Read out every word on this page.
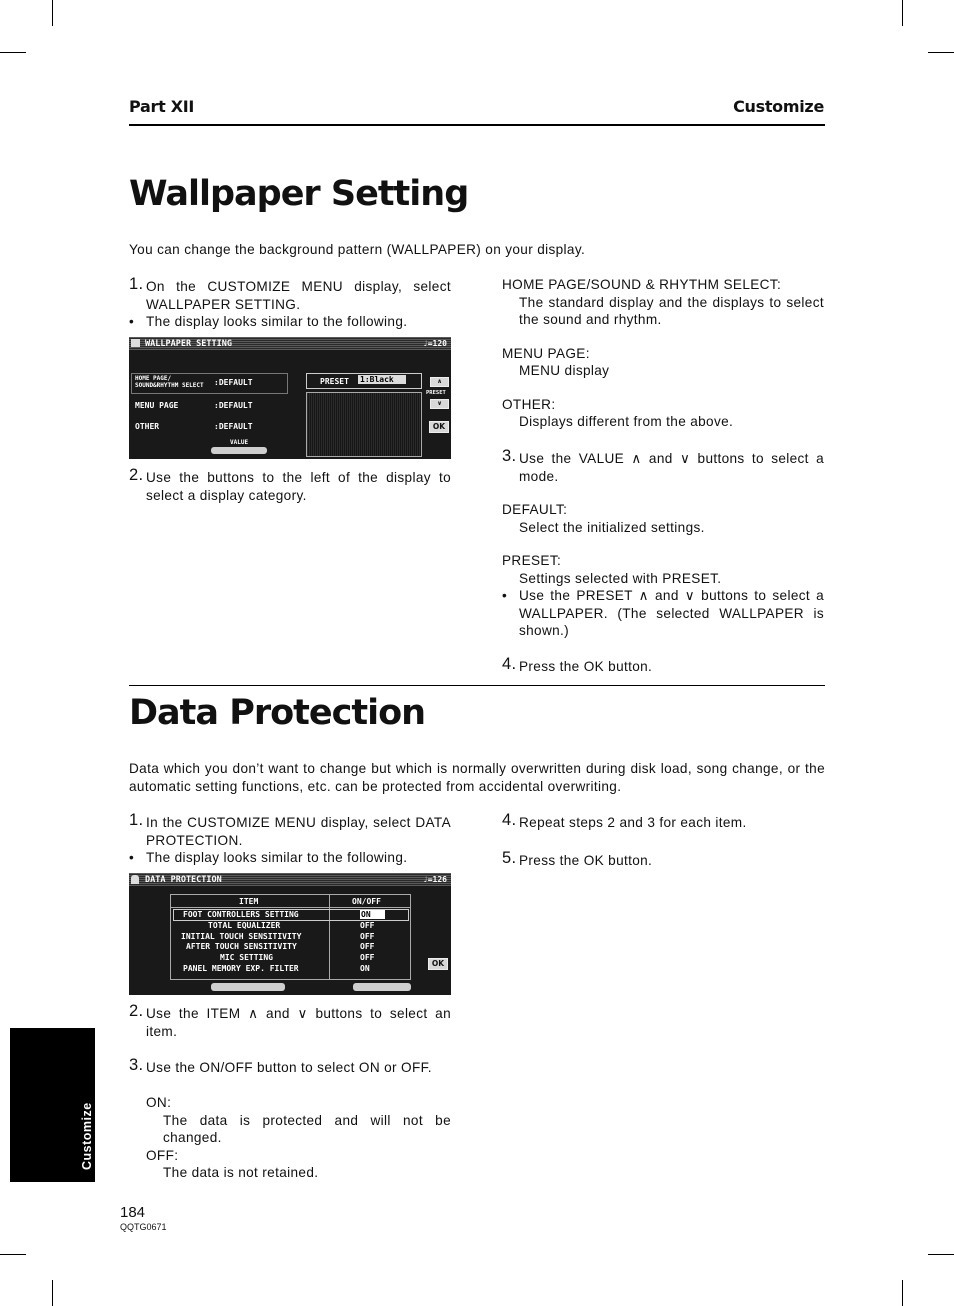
Part XII	Customize
Wallpaper Setting
You can change the background pattern (WALLPAPER) on your display.
1. On the CUSTOMIZE MENU display, select WALLPAPER SETTING.
• The display looks similar to the following.
WALLPAPER SETTING	♩=120
HOME PAGE/
SOUND&RHYTHM SELECT :DEFAULT
MENU PAGE	:DEFAULT
OTHER	:DEFAULT
VALUE
PRESET 1:Black	∧
PRESET
∨
OK
2. Use the buttons to the left of the display to select a display category.
HOME PAGE/SOUND & RHYTHM SELECT:
The standard display and the displays to select the sound and rhythm.
MENU PAGE:
MENU display
OTHER:
Displays different from the above.
3. Use the VALUE ∧ and ∨ buttons to select a mode.
DEFAULT:
Select the initialized settings.
PRESET:
Settings selected with PRESET.
• Use the PRESET ∧ and ∨ buttons to select a WALLPAPER. (The selected WALLPAPER is shown.)
4. Press the OK button.
Data Protection
Data which you don’t want to change but which is normally overwritten during disk load, song change, or the automatic setting functions, etc. can be protected from accidental overwriting.
1. In the CUSTOMIZE MENU display, select DATA PROTECTION.
• The display looks similar to the following.
DATA PROTECTION	♩=126
ITEM	ON/OFF
FOOT CONTROLLERS SETTING	ON
TOTAL EQUALIZER	OFF
INITIAL TOUCH SENSITIVITY	OFF
AFTER TOUCH SENSITIVITY	OFF
MIC SETTING	OFF
PANEL MEMORY EXP. FILTER	ON
OK
2. Use the ITEM ∧ and ∨ buttons to select an item.
3. Use the ON/OFF button to select ON or OFF.
ON:
The data is protected and will not be changed.
OFF:
The data is not retained.
4. Repeat steps 2 and 3 for each item.
5. Press the OK button.
Customize
184
QQTG0671
